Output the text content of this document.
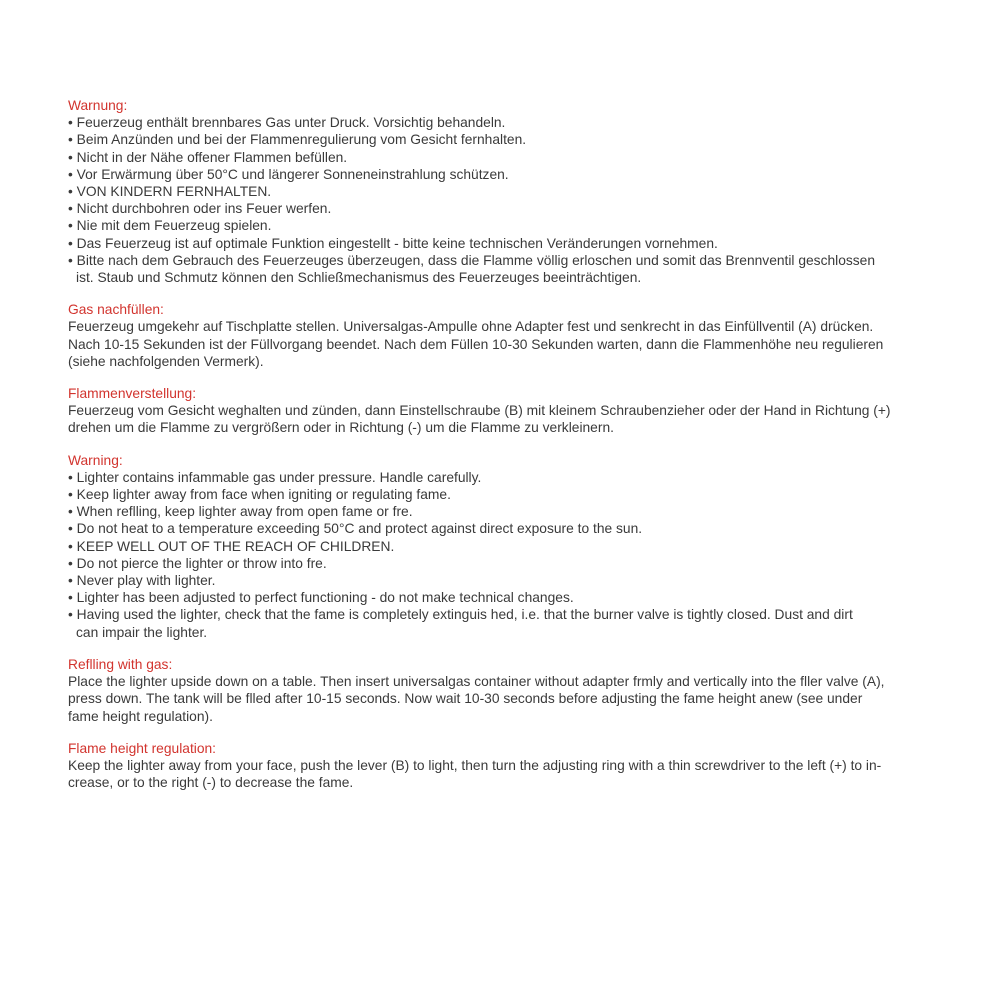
Warnung:
• Feuerzeug enthält brennbares Gas unter Druck. Vorsichtig behandeln.
• Beim Anzünden und bei der Flammenregulierung vom Gesicht fernhalten.
• Nicht in der Nähe offener Flammen befüllen.
• Vor Erwärmung über 50°C und längerer Sonneneinstrahlung schützen.
• VON KINDERN FERNHALTEN.
• Nicht durchbohren oder ins Feuer werfen.
• Nie mit dem Feuerzeug spielen.
• Das Feuerzeug ist auf optimale Funktion eingestellt - bitte keine technischen Veränderungen vornehmen.
• Bitte nach dem Gebrauch des Feuerzeuges überzeugen, dass die Flamme völlig erloschen und somit das Brennventil geschlossen
ist. Staub und Schmutz können den Schließmechanismus des Feuerzeuges beeinträchtigen.
Gas nachfüllen:
Feuerzeug umgekehr auf Tischplatte stellen. Universalgas-Ampulle ohne Adapter fest und senkrecht in das Einfüllventil (A) drücken.
Nach 10-15 Sekunden ist der Füllvorgang beendet. Nach dem Füllen 10-30 Sekunden warten, dann die Flammenhöhe neu regulieren
(siehe nachfolgenden Vermerk).
Flammenverstellung:
Feuerzeug vom Gesicht weghalten und zünden, dann Einstellschraube (B) mit kleinem Schraubenzieher oder der Hand in Richtung (+)
drehen um die Flamme zu vergrößern oder in Richtung (-) um die Flamme zu verkleinern.
Warning:
• Lighter contains infammable gas under pressure. Handle carefully.
• Keep lighter away from face when igniting or regulating fame.
• When reflling, keep lighter away from open fame or fre.
• Do not heat to a temperature exceeding 50°C and protect against direct exposure to the sun.
• KEEP WELL OUT OF THE REACH OF CHILDREN.
• Do not pierce the lighter or throw into fre.
• Never play with lighter.
• Lighter has been adjusted to perfect functioning - do not make technical changes.
• Having used the lighter, check that the fame is completely extinguis hed, i.e. that the burner valve is tightly closed. Dust and dirt
can impair the lighter.
Reflling with gas:
Place the lighter upside down on a table. Then insert universalgas container without adapter frmly and vertically into the fller valve (A),
press down. The tank will be flled after 10-15 seconds. Now wait 10-30 seconds before adjusting the fame height anew (see under
fame height regulation).
Flame height regulation:
Keep the lighter away from your face, push the lever (B) to light, then turn the adjusting ring with a thin screwdriver to the left (+) to in-
crease, or to the right (-) to decrease the fame.
